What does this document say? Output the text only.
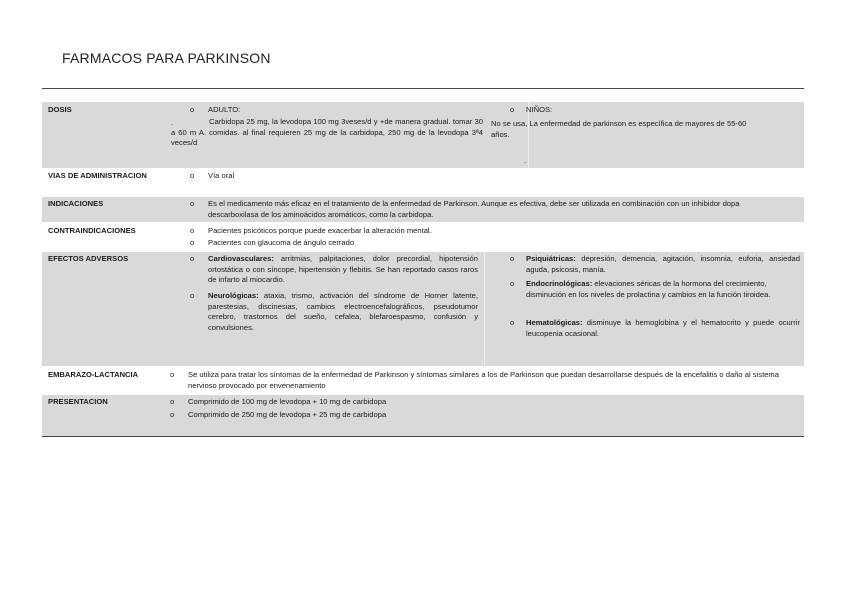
FARMACOS PARA PARKINSON
DOSIS	o ADULTO:
.	Carbidopa 25 mg, la levodopa 100 mg 3veses/d y +de manera gradual. tomar 30 a 60 m A. comidas. al final requieren 25 mg de la carbidopa, 250 mg de la levodopa 3ª4 veces/d
o NIÑOS:
No se usa, La enfermedad de parkinson es específica de mayores de 55-60 años.
.
VIAS DE ADMINISTRACION	o Vía oral
INDICACIONES	o Es el medicamento más eficaz en el tratamiento de la enfermedad de Parkinson. Aunque es efectiva, debe ser utilizada en combinación con un inhibidor dopa descarboxilasa de los aminoácidos aromáticos, como la carbidopa.
CONTRAINDICACIONES	o Pacientes psicóticos porque puede exacerbar la alteración mental.
o Pacientes con glaucoma de ángulo cerrado
EFECTOS ADVERSOS	o Cardiovasculares: arritmias, palpitaciones, dolor precordial, hipotensión ortostática o con síncope, hipertensión y flebitis. Se han reportado casos raros de infarto al miocardio.
o Neurológicas: ataxia, trismo, activación del síndrome de Horner latente, parestesias, discinesias, cambios electroencefalográficos, pseudotumor cerebro, trastornos del sueño, cefalea, blefaroespasmo, confusión y convulsiones.
o Psiquiátricas: depresión, demencia, agitación, insomnia, euforia, ansiedad aguda, psicosis, manía.
o Endocrinológicas: elevaciones séricas de la hormona del crecimiento, disminución en los niveles de prolactina y cambios en la función tiroidea.
o Hematológicas: disminuye la hemoglobina y el hematocrito y puede ocurrir leucopenia ocasional.
EMBARAZO-LACTANCIA	o Se utiliza para tratar los síntomas de la enfermedad de Parkinson y síntomas similares a los de Parkinson que puedan desarrollarse después de la encefalitis o daño al sistema nervioso provocado por envenenamiento
PRESENTACION	o Comprimido de 100 mg de levodopa + 10 mg de carbidopa
o Comprimido de 250 mg de levodopa + 25 mg de carbidopa
